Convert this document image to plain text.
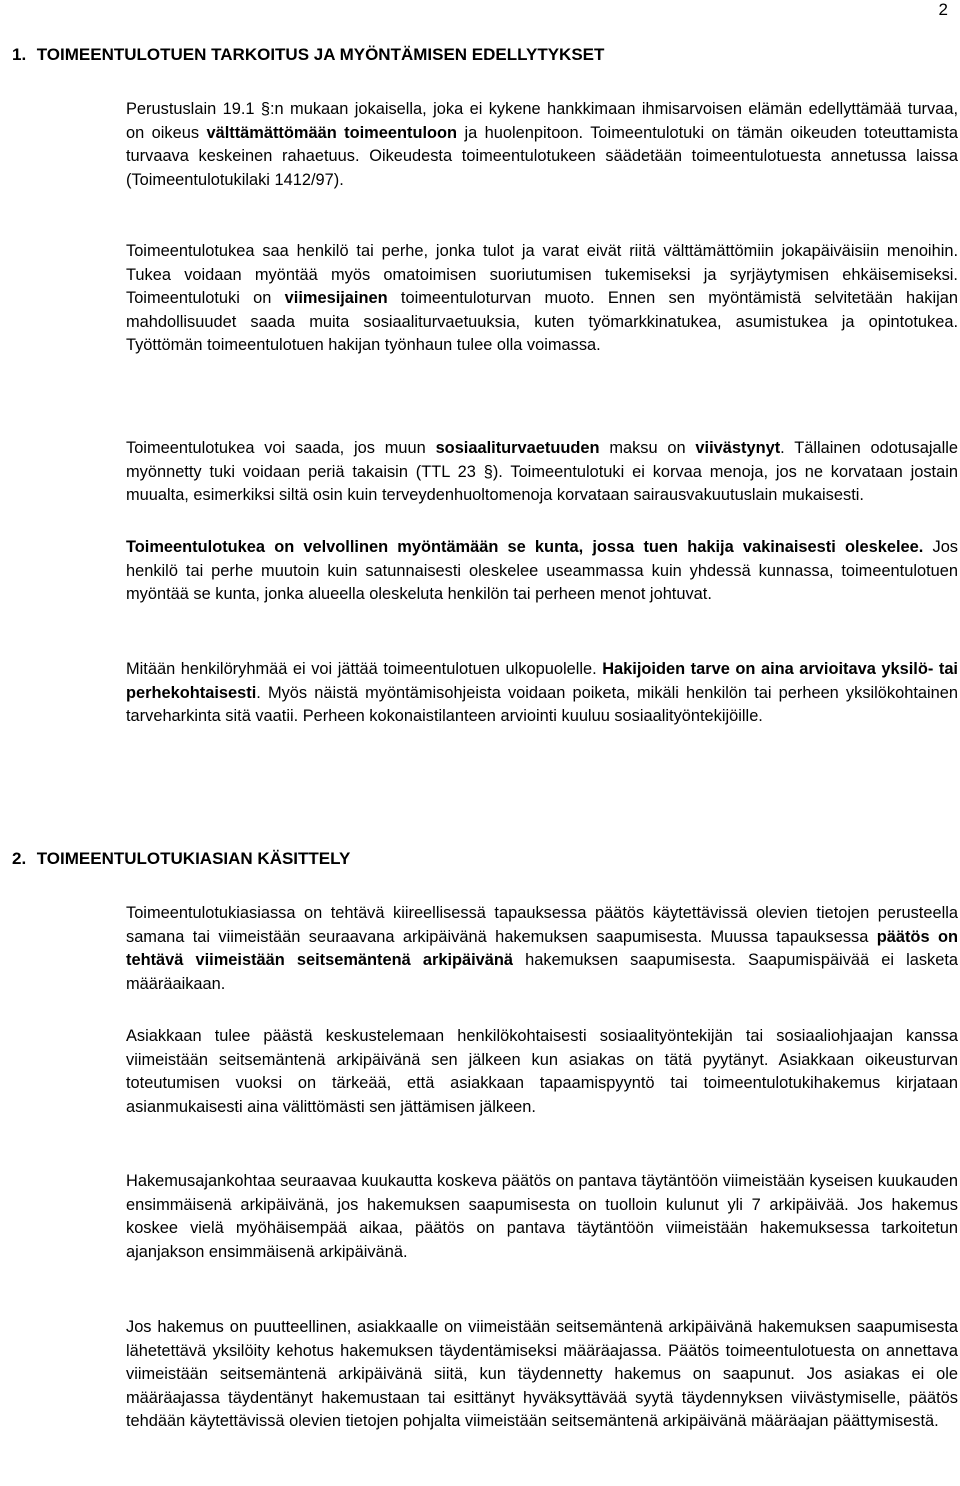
2
1. TOIMEENTULOTUEN TARKOITUS JA MYÖNTÄMISEN EDELLYTYKSET

Perustuslain 19.1 §:n mukaan jokaisella, joka ei kykene hankkimaan ihmisarvoisen elämän edellyttämää turvaa, on oikeus välttämättömään toimeentuloon ja huolenpitoon. Toimeentulotuki on tämän oikeuden toteuttamista turvaava keskeinen rahaetuus. Oikeudesta toimeentulotukeen säädetään toimeentulotuesta annetussa laissa (Toimeentulotukilaki 1412/97).

Toimeentulotukea saa henkilö tai perhe, jonka tulot ja varat eivät riitä välttämättömiin jokapäiväisiin menoihin. Tukea voidaan myöntää myös omatoimisen suoriutumisen tukemiseksi ja syrjäytymisen ehkäisemiseksi. Toimeentulotuki on viimesijainen toimeentuloturvan muoto. Ennen sen myöntämistä selvitetään hakijan mahdollisuudet saada muita sosiaaliturvaetuuksia, kuten työmarkkinatukea, asumistukea ja opintotukea. Työttömän toimeentulotuen hakijan työnhaun tulee olla voimassa.

Toimeentulotukea voi saada, jos muun sosiaaliturvaetuuden maksu on viivästynyt. Tällainen odotusajalle myönnetty tuki voidaan periä takaisin (TTL 23 §). Toimeentulotuki ei korvaa menoja, jos ne korvataan jostain muualta, esimerkiksi siltä osin kuin terveydenhuoltomenoja korvataan sairausvakuutuslain mukaisesti.

Toimeentulotukea on velvollinen myöntämään se kunta, jossa tuen hakija vakinaisesti oleskelee. Jos henkilö tai perhe muutoin kuin satunnaisesti oleskelee useammassa kuin yhdessä kunnassa, toimeentulotuen myöntää se kunta, jonka alueella oleskeluta henkilön tai perheen menot johtuvat.

Mitään henkilöryhmää ei voi jättää toimeentulotuen ulkopuolelle. Hakijoiden tarve on aina arvioitava yksilö- tai perhekohtaisesti. Myös näistä myöntämisohjeista voidaan poiketa, mikäli henkilön tai perheen yksilökohtainen tarveharkinta sitä vaatii. Perheen kokonaistilanteen arviointi kuuluu sosiaalityöntekijöille.

2. TOIMEENTULOTUKIASIAN KÄSITTELY

Toimeentulotukiasiassa on tehtävä kiireellisessä tapauksessa päätös käytettävissä olevien tietojen perusteella samana tai viimeistään seuraavana arkipäivänä hakemuksen saapumisesta. Muussa tapauksessa päätös on tehtävä viimeistään seitsemäntenä arkipäivänä hakemuksen saapumisesta. Saapumispäivää ei lasketa määräaikaan.

Asiakkaan tulee päästä keskustelemaan henkilökohtaisesti sosiaalityöntekijän tai sosiaaliohjaajan kanssa viimeistään seitsemäntenä arkipäivänä sen jälkeen kun asiakas on tätä pyytänyt. Asiakkaan oikeusturvan toteutumisen vuoksi on tärkeää, että asiakkaan tapaamispyyntö tai toimeentulotukihakemus kirjataan asianmukaisesti aina välittömästi sen jättämisen jälkeen.

Hakemusajankohtaa seuraavaa kuukautta koskeva päätös on pantava täytäntöön viimeistään kyseisen kuukauden ensimmäisenä arkipäivänä, jos hakemuksen saapumisesta on tuolloin kulunut yli 7 arkipäivää. Jos hakemus koskee vielä myöhäisempää aikaa, päätös on pantava täytäntöön viimeistään hakemuksessa tarkoitetun ajanjakson ensimmäisenä arkipäivänä.

Jos hakemus on puutteellinen, asiakkaalle on viimeistään seitsemäntenä arkipäivänä hakemuksen saapumisesta lähetettävä yksilöity kehotus hakemuksen täydentämiseksi määräajassa. Päätös toimeentulotuesta on annettava viimeistään seitsemäntenä arkipäivänä siitä, kun täydennetty hakemus on saapunut. Jos asiakas ei ole määräajassa täydentänyt hakemustaan tai esittänyt hyväksyttävää syytä täydennyksen viivästymiselle, päätös tehdään käytettävissä olevien tietojen pohjalta viimeistään seitsemäntenä arkipäivänä määräajan päättymisestä.
